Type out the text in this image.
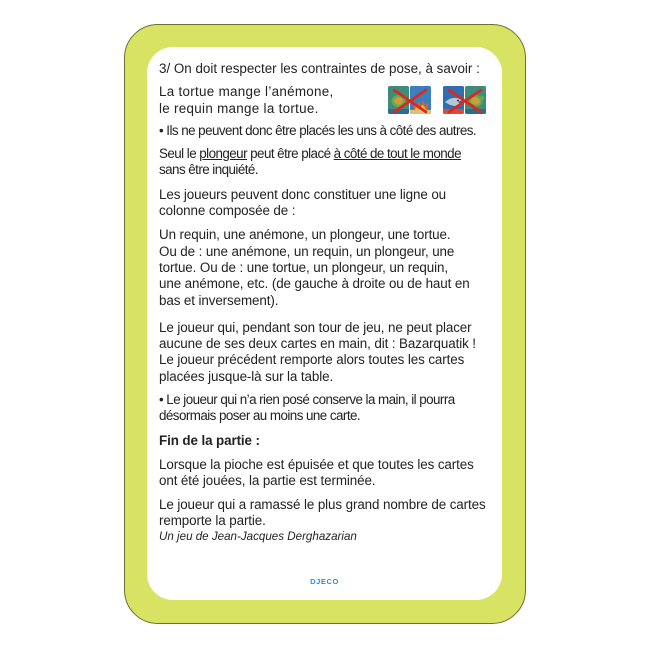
3/ On doit respecter les contraintes de pose, à savoir :

La tortue mange l’anémone,
le requin mange la tortue.

• Ils ne peuvent donc être placés les uns à côté des autres.

Seul le plongeur peut être placé à côté de tout le monde

sans être inquiété.

Les joueurs peuvent donc constituer une ligne ou

colonne composée de :

Un requin, une anémone, un plongeur, une tortue.

Ou de : une anémone, un requin, un plongeur, une

tortue. Ou de : une tortue, un plongeur, un requin,

une anémone, etc. (de gauche à droite ou de haut en

bas et inversement).

Le joueur qui, pendant son tour de jeu, ne peut placer

aucune de ses deux cartes en main, dit : Bazarquatik !

Le joueur précédent remporte alors toutes les cartes

placées jusque-là sur la table.

• Le joueur qui n’a rien posé conserve la main, il pourra

désormais poser au moins une carte.

Fin de la partie :

Lorsque la pioche est épuisée et que toutes les cartes

ont été jouées, la partie est terminée.

Le joueur qui a ramassé le plus grand nombre de cartes

remporte la partie.

Un jeu de Jean-Jacques Derghazarian

DJECO
